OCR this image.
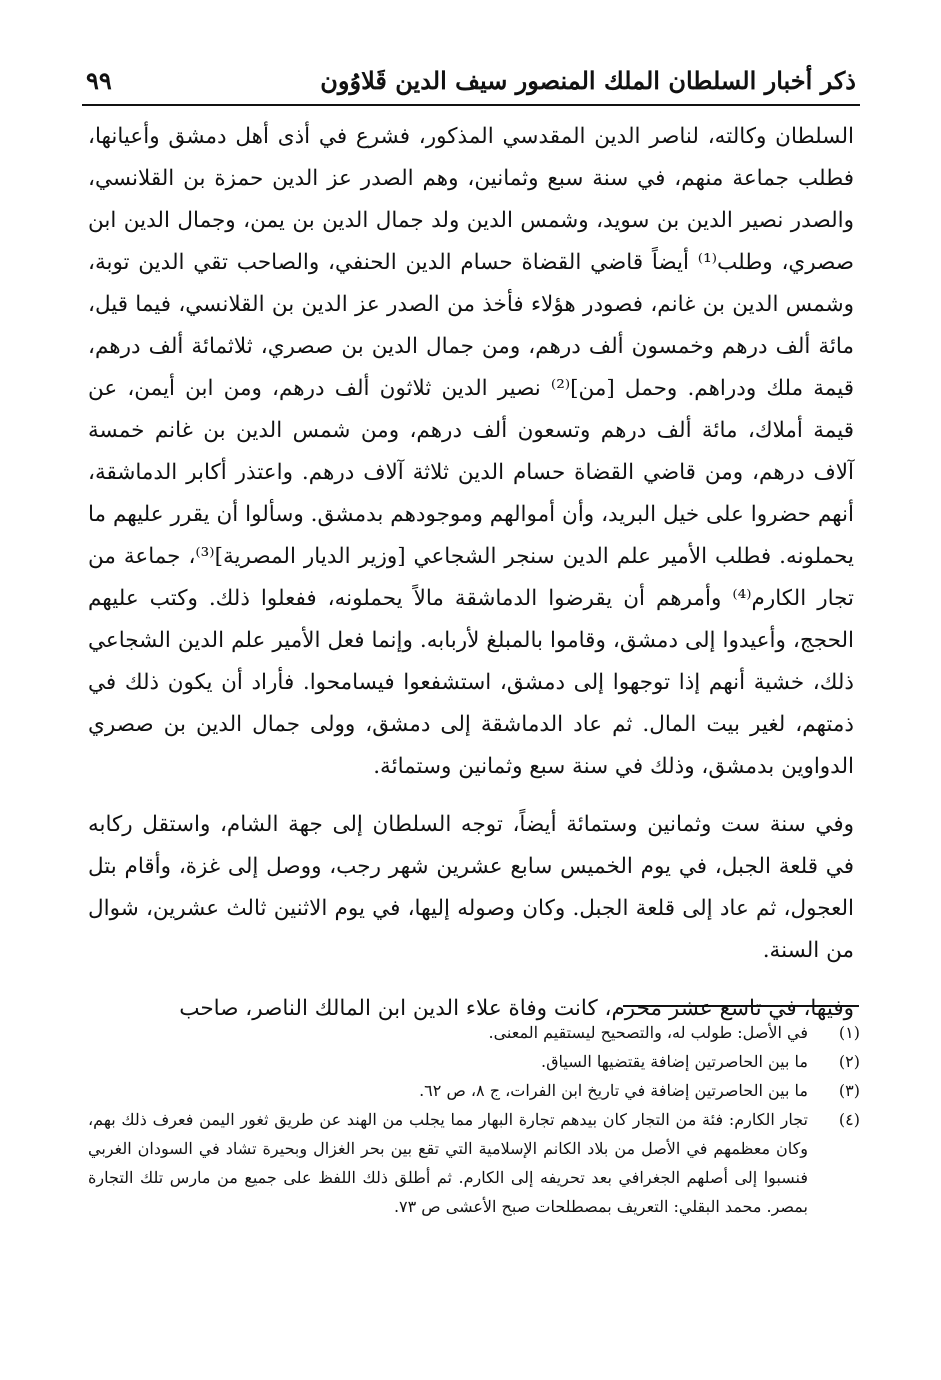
ذكر أخبار السلطان الملك المنصور سيف الدين قَلاوُون
٩٩

السلطان وكالته، لناصر الدين المقدسي المذكور، فشرع في أذى أهل دمشق وأعيانها، فطلب جماعة منهم، في سنة سبع وثمانين، وهم الصدر عز الدين حمزة بن القلانسي، والصدر نصير الدين بن سويد، وشمس الدين ولد جمال الدين بن يمن، وجمال الدين ابن صصري، وطلب⁽¹⁾ أيضاً قاضي القضاة حسام الدين الحنفي، والصاحب تقي الدين توبة، وشمس الدين بن غانم، فصودر هؤلاء فأخذ من الصدر عز الدين بن القلانسي، فيما قيل، مائة ألف درهم وخمسون ألف درهم، ومن جمال الدين بن صصري، ثلاثمائة ألف درهم، قيمة ملك ودراهم. وحمل [من]⁽²⁾ نصير الدين ثلاثون ألف درهم، ومن ابن أيمن، عن قيمة أملاك، مائة ألف درهم وتسعون ألف درهم، ومن شمس الدين بن غانم خمسة آلاف درهم، ومن قاضي القضاة حسام الدين ثلاثة آلاف درهم. واعتذر أكابر الدماشقة، أنهم حضروا على خيل البريد، وأن أموالهم وموجودهم بدمشق. وسألوا أن يقرر عليهم ما يحملونه. فطلب الأمير علم الدين سنجر الشجاعي [وزير الديار المصرية]⁽³⁾، جماعة من تجار الكارم⁽⁴⁾ وأمرهم أن يقرضوا الدماشقة مالاً يحملونه، ففعلوا ذلك. وكتب عليهم الحجج، وأعيدوا إلى دمشق، وقاموا بالمبلغ لأربابه. وإنما فعل الأمير علم الدين الشجاعي ذلك، خشية أنهم إذا توجهوا إلى دمشق، استشفعوا فيسامحوا. فأراد أن يكون ذلك في ذمتهم، لغير بيت المال. ثم عاد الدماشقة إلى دمشق، وولى جمال الدين بن صصري الدواوين بدمشق، وذلك في سنة سبع وثمانين وستمائة.

وفي سنة ست وثمانين وستمائة أيضاً، توجه السلطان إلى جهة الشام، واستقل ركابه في قلعة الجبل، في يوم الخميس سابع عشرين شهر رجب، ووصل إلى غزة، وأقام بتل العجول، ثم عاد إلى قلعة الجبل. وكان وصوله إليها، في يوم الاثنين ثالث عشرين، شوال من السنة.

وفيها، في تاسع عشر محرم، كانت وفاة علاء الدين ابن المالك الناصر، صاحب

(١)
في الأصل: طولب له، والتصحيح ليستقيم المعنى.
(٢)
ما بين الحاصرتين إضافة يقتضيها السياق.
(٣)
ما بين الحاصرتين إضافة في تاريخ ابن الفرات، ج ٨، ص ٦٢.
(٤)
تجار الكارم: فئة من التجار كان بيدهم تجارة البهار مما يجلب من الهند عن طريق ثغور اليمن فعرف ذلك بهم، وكان معظمهم في الأصل من بلاد الكانم الإسلامية التي تقع بين بحر الغزال وبحيرة تشاد في السودان الغربي فنسبوا إلى أصلهم الجغرافي بعد تحريفه إلى الكارم. ثم أطلق ذلك اللفظ على جميع من مارس تلك التجارة بمصر. محمد البقلي: التعريف بمصطلحات صبح الأعشى ص ٧٣.
